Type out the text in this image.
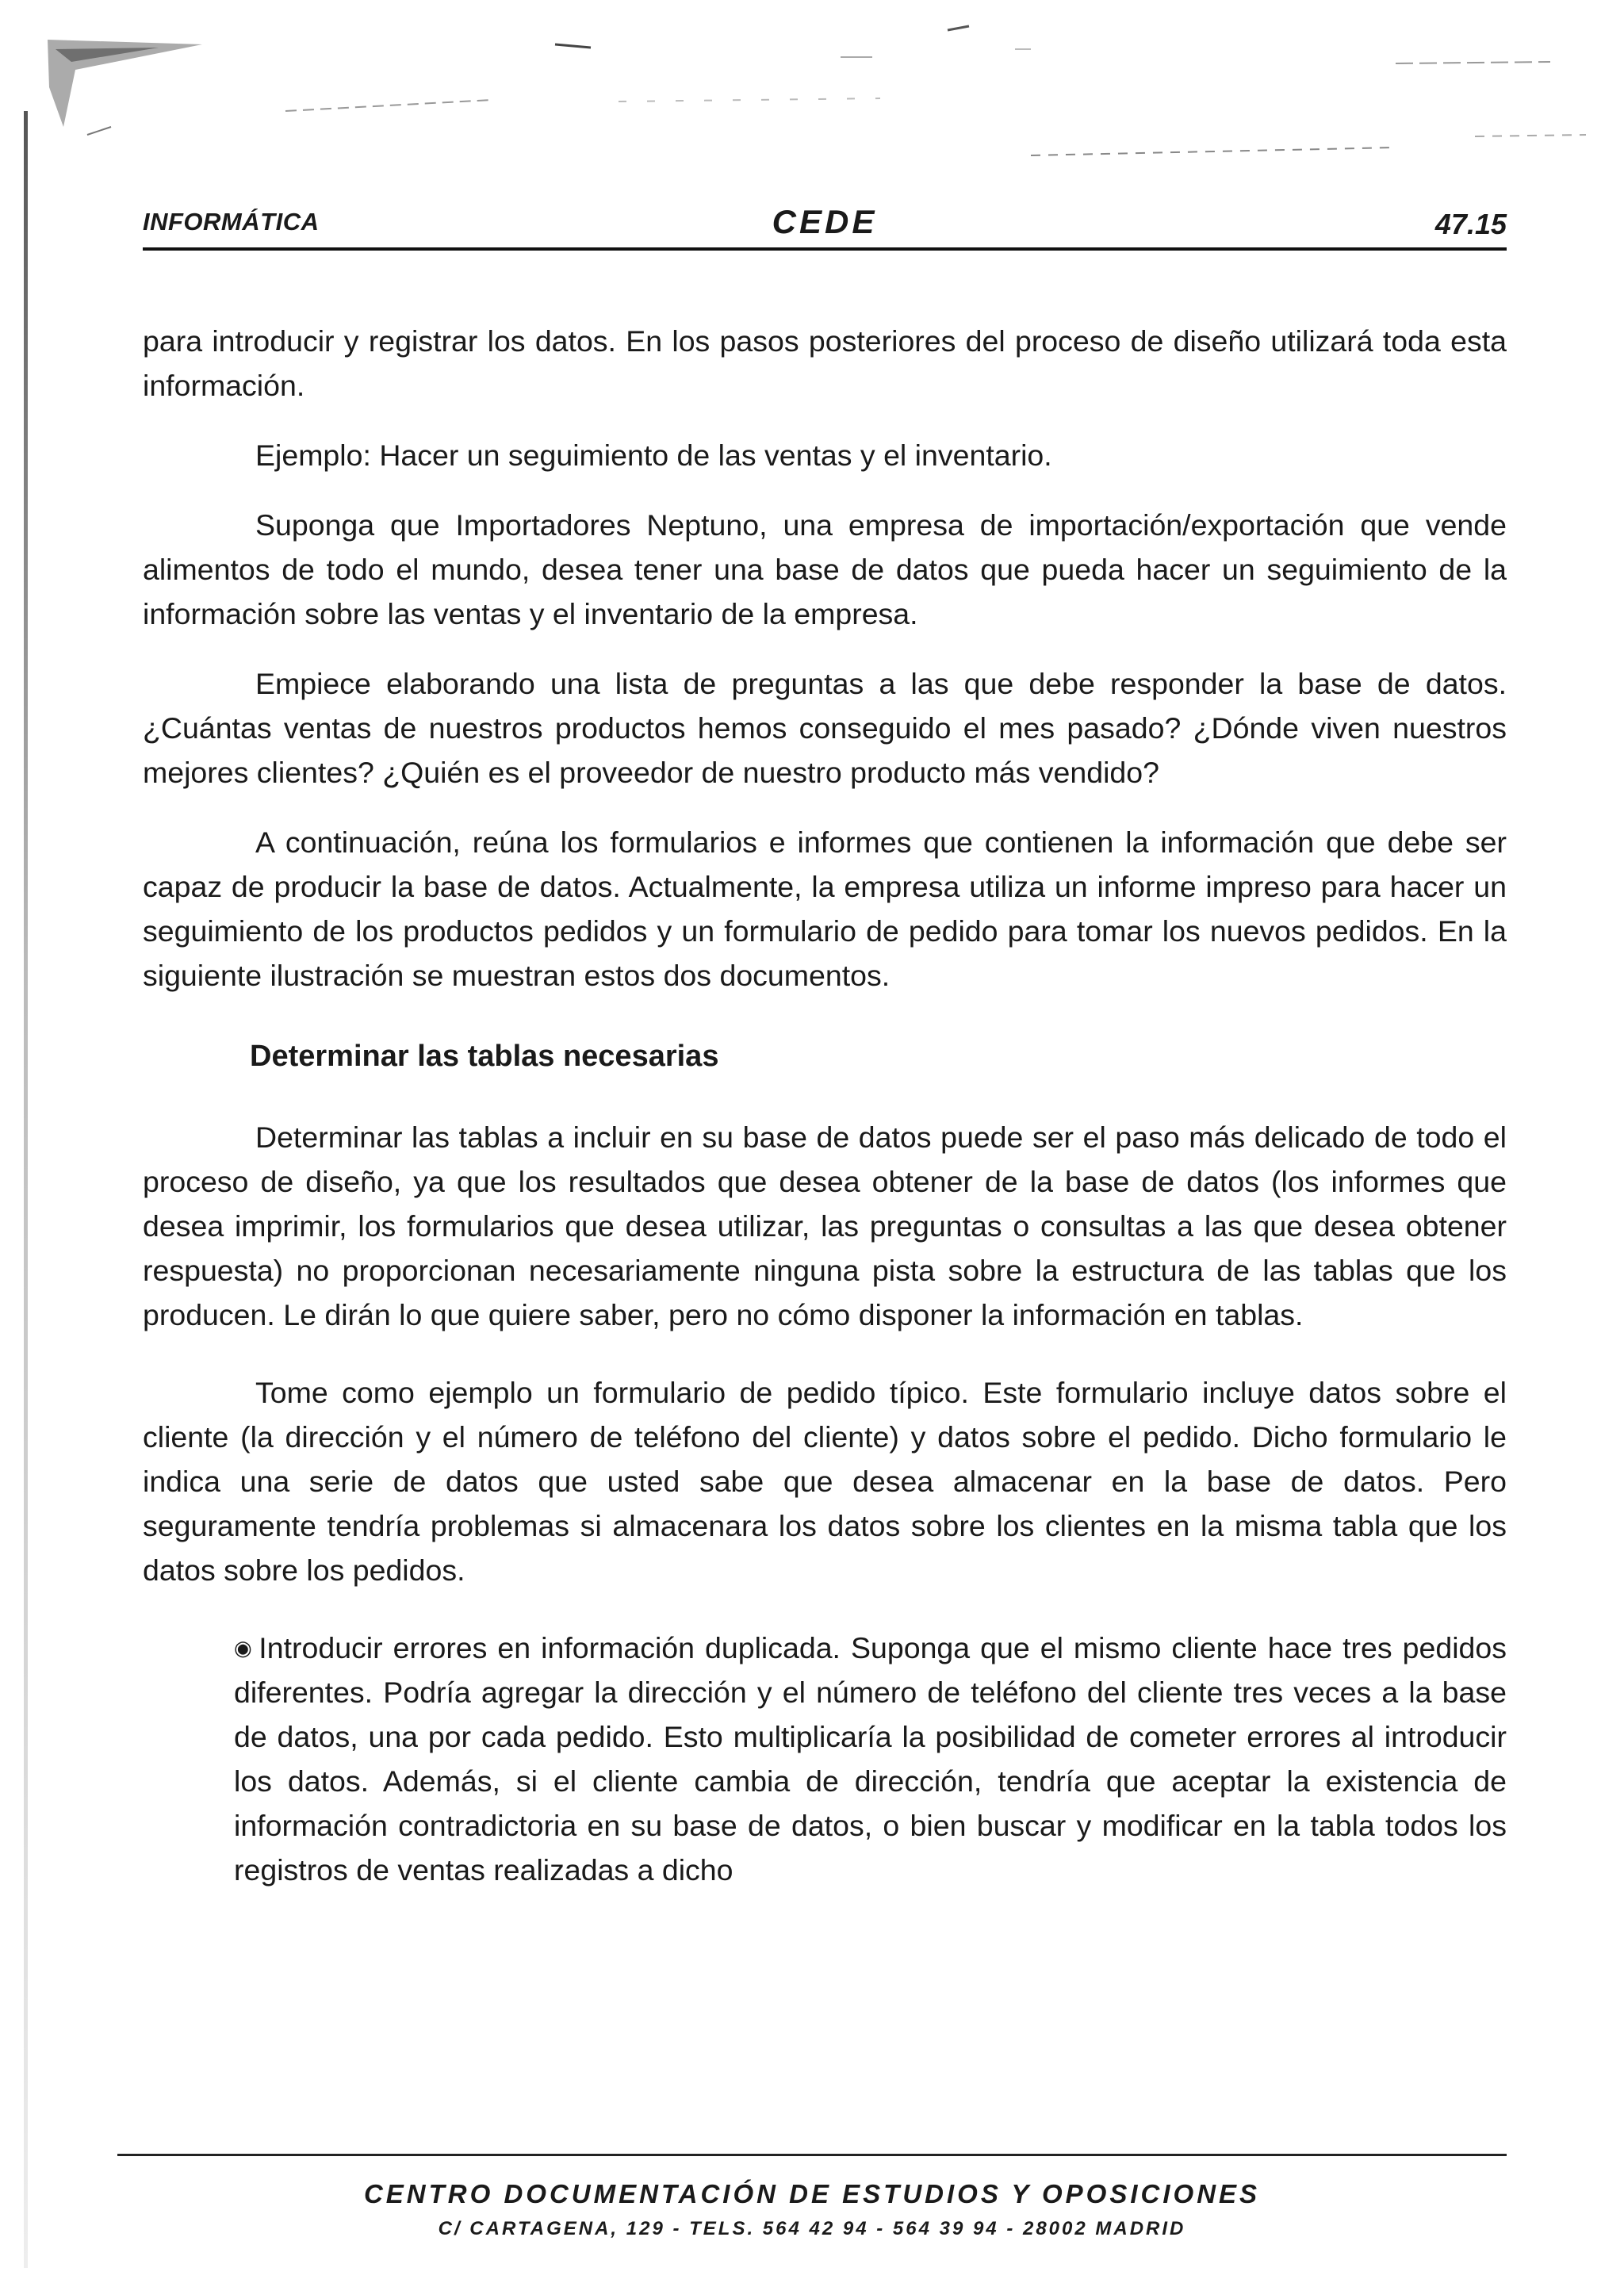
INFORMÁTICA	CEDE	47.15

para introducir y registrar los datos. En los pasos posteriores del proceso de diseño utilizará toda esta información.

Ejemplo: Hacer un seguimiento de las ventas y el inventario.

Suponga que Importadores Neptuno, una empresa de importación/exportación que vende alimentos de todo el mundo, desea tener una base de datos que pueda hacer un seguimiento de la información sobre las ventas y el inventario de la empresa.

Empiece elaborando una lista de preguntas a las que debe responder la base de datos. ¿Cuántas ventas de nuestros productos hemos conseguido el mes pasado? ¿Dónde viven nuestros mejores clientes? ¿Quién es el proveedor de nuestro producto más vendido?

A continuación, reúna los formularios e informes que contienen la información que debe ser capaz de producir la base de datos. Actualmente, la empresa utiliza un informe impreso para hacer un seguimiento de los productos pedidos y un formulario de pedido para tomar los nuevos pedidos. En la siguiente ilustración se muestran estos dos documentos.

Determinar las tablas necesarias

Determinar las tablas a incluir en su base de datos puede ser el paso más delicado de todo el proceso de diseño, ya que los resultados que desea obtener de la base de datos (los informes que desea imprimir, los formularios que desea utilizar, las preguntas o consultas a las que desea obtener respuesta) no proporcionan necesariamente ninguna pista sobre la estructura de las tablas que los producen. Le dirán lo que quiere saber, pero no cómo disponer la información en tablas.

Tome como ejemplo un formulario de pedido típico. Este formulario incluye datos sobre el cliente (la dirección y el número de teléfono del cliente) y datos sobre el pedido. Dicho formulario le indica una serie de datos que usted sabe que desea almacenar en la base de datos. Pero seguramente tendría problemas si almacenara los datos sobre los clientes en la misma tabla que los datos sobre los pedidos.

◉ Introducir errores en información duplicada. Suponga que el mismo cliente hace tres pedidos diferentes. Podría agregar la dirección y el número de teléfono del cliente tres veces a la base de datos, una por cada pedido. Esto multiplicaría la posibilidad de cometer errores al introducir los datos. Además, si el cliente cambia de dirección, tendría que aceptar la existencia de información contradictoria en su base de datos, o bien buscar y modificar en la tabla todos los registros de ventas realizadas a dicho
CENTRO DOCUMENTACIÓN DE ESTUDIOS Y OPOSICIONES
C/ CARTAGENA, 129 - TELS. 564 42 94 - 564 39 94 - 28002 MADRID
